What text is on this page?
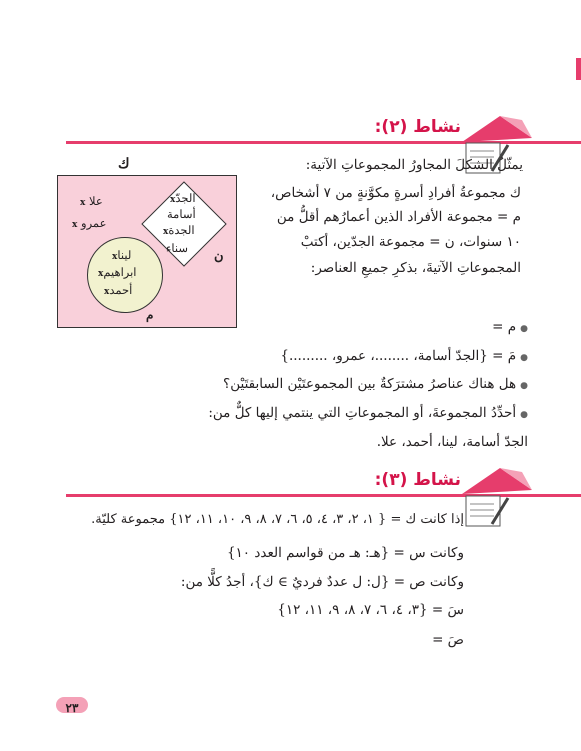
نشاط (٢):
يمثّلُ الشكلَ المجاورُ المجموعاتِ الآتية:
ك مجموعةُ أفرادِ أسرةٍ مكوَّنةٍ من ٧ أشخاص،
م = مجموعة الأفراد الذين أعمارُهم أقلُّ من
١٠ سنوات، ن = مجموعة الجدّين، أكتبْ
المجموعاتِ الآتيةَ، بذكرِ جميعِ العناصر:
ك
علا x
عمرو x
الجدّx
أسامة
الجدةx
سناء
ن
ليناx
ابراهيمx
أحمدx
م
●م =
●مَ = {الجدّ أسامة، ........، عمرو، .........}
●هل هناك عناصرُ مشترَكةٌ بين المجموعتَيْن السابقتَيْن؟
●أحدِّدُ المجموعةَ، أو المجموعاتِ التي ينتمي إليها كلٌّ من:
الجدّ أسامة، لينا، أحمد، علا.
نشاط (٣):
إذا كانت ك = { ١، ٢، ٣، ٤، ٥، ٦، ٧، ٨، ٩، ١٠، ١١، ١٢} مجموعة كليّة.
وكانت س = {هـ: هـ من قواسم العدد ١٠}
وكانت ص = {ل: ل عددٌ فرديٌ ∋ ك}، أجدُ كلًّا من:
سَ = {٣، ٤، ٦، ٧، ٨، ٩، ١١، ١٢}
صَ =
٢٣
